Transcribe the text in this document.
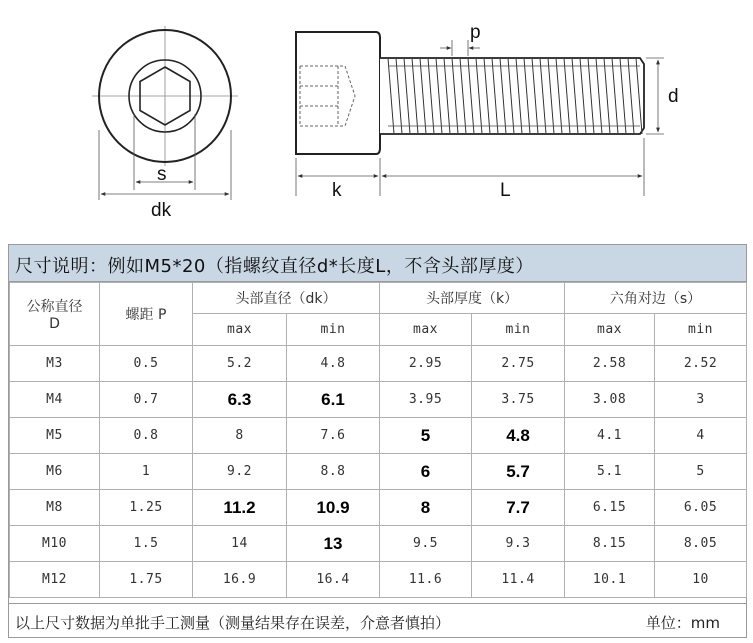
s
dk
p
d
k	L
尺寸说明：例如M5*20（指螺纹直径d*长度L，不含头部厚度）
公称直径
D	螺距 P	头部直径（dk）		头部厚度（k）		六角对边（s）	
		max	min	max	min	max	min
M3	0.5	5.2	4.8	2.95	2.75	2.58	2.52
M4	0.7	6.3	6.1	3.95	3.75	3.08	3
M5	0.8	8	7.6	5	4.8	4.1	4
M6	1	9.2	8.8	6	5.7	5.1	5
M8	1.25	11.2	10.9	8	7.7	6.15	6.05
M10	1.5	14	13	9.5	9.3	8.15	8.05
M12	1.75	16.9	16.4	11.6	11.4	10.1	10
以上尺寸数据为单批手工测量（测量结果存在误差，介意者慎拍）	单位：mm
